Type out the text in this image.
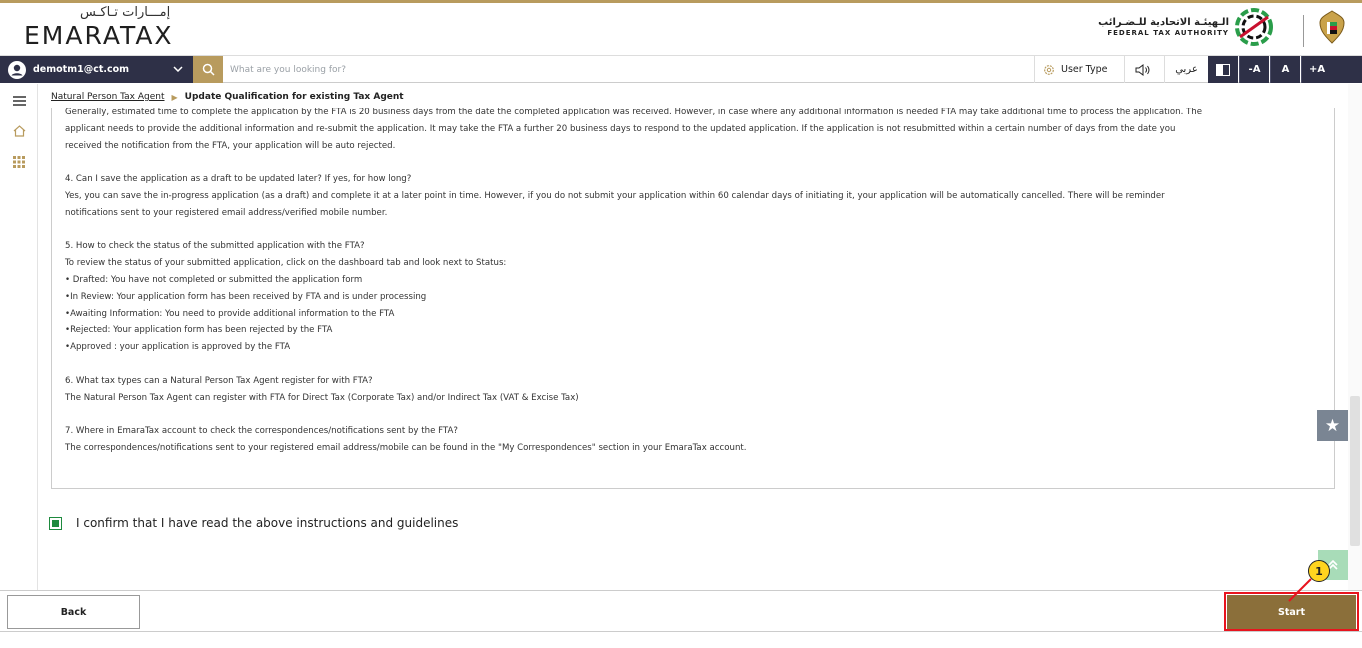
إمـــارات تـاكـس
EMARATAX	الـهيئـة الاتحادية للـضـرائب
FEDERAL TAX AUTHORITY
demotm1@ct.com
What are you looking for?	User Type	عربي	-A	A	+A
Natural Person Tax Agent ▶ Update Qualification for existing Tax Agent

Generally, estimated time to complete the application by the FTA is 20 business days from the date the completed application was received. However, in case where any additional information is needed FTA may take additional time to process the application. The

applicant needs to provide the additional information and re-submit the application. It may take the FTA a further 20 business days to respond to the updated application. If the application is not resubmitted within a certain number of days from the date you

received the notification from the FTA, your application will be auto rejected.

4. Can I save the application as a draft to be updated later? If yes, for how long?

Yes, you can save the in-progress application (as a draft) and complete it at a later point in time. However, if you do not submit your application within 60 calendar days of initiating it, your application will be automatically cancelled. There will be reminder

notifications sent to your registered email address/verified mobile number.

5. How to check the status of the submitted application with the FTA?

To review the status of your submitted application, click on the dashboard tab and look next to Status:

• Drafted: You have not completed or submitted the application form

•In Review: Your application form has been received by FTA and is under processing

•Awaiting Information: You need to provide additional information to the FTA

•Rejected: Your application form has been rejected by the FTA

•Approved : your application is approved by the FTA

6. What tax types can a Natural Person Tax Agent register for with FTA?

The Natural Person Tax Agent can register with FTA for Direct Tax (Corporate Tax) and/or Indirect Tax (VAT & Excise Tax)

7. Where in EmaraTax account to check the correspondences/notifications sent by the FTA?

The correspondences/notifications sent to your registered email address/mobile can be found in the "My Correspondences" section in your EmaraTax account.

I confirm that I have read the above instructions and guidelines
★
Back	Start
1
